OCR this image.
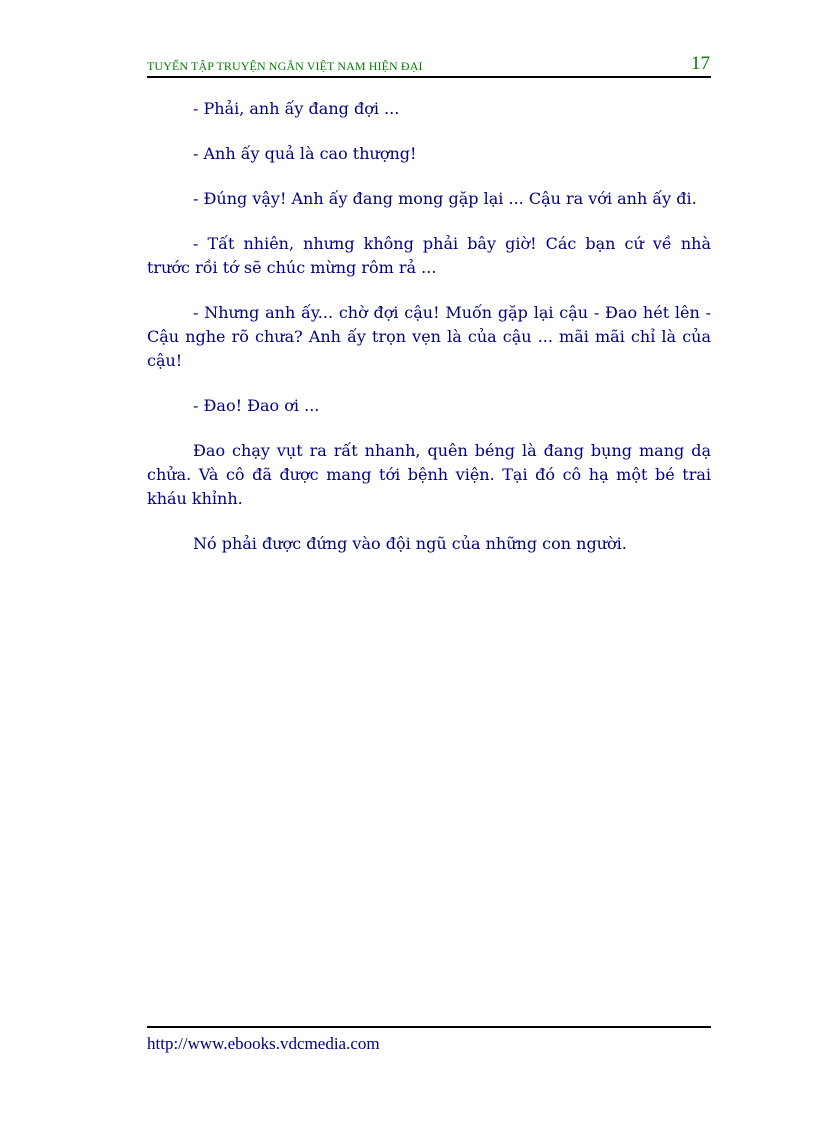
TUYỂN TẬP TRUYỆN NGẮN VIỆT NAM HIỆN ĐẠI	17

- Phải, anh ấy đang đợi ...

- Anh ấy quả là cao thượng!

- Đúng vậy! Anh ấy đang mong gặp lại ... Cậu ra với anh ấy đi.

- Tất nhiên, nhưng không phải bây giờ! Các bạn cứ về nhà trước rồi tớ sẽ chúc mừng rôm rả ...

- Nhưng anh ấy... chờ đợi cậu! Muốn gặp lại cậu - Đao hét lên - Cậu nghe rõ chưa? Anh ấy trọn vẹn là của cậu ... mãi mãi chỉ là của cậu!

- Đao! Đao ơi ...

Đao chạy vụt ra rất nhanh, quên béng là đang bụng mang dạ chửa. Và cô đã được mang tới bệnh viện. Tại đó cô hạ một bé trai kháu khỉnh.

Nó phải được đứng vào đội ngũ của những con người.

http://www.ebooks.vdcmedia.com
